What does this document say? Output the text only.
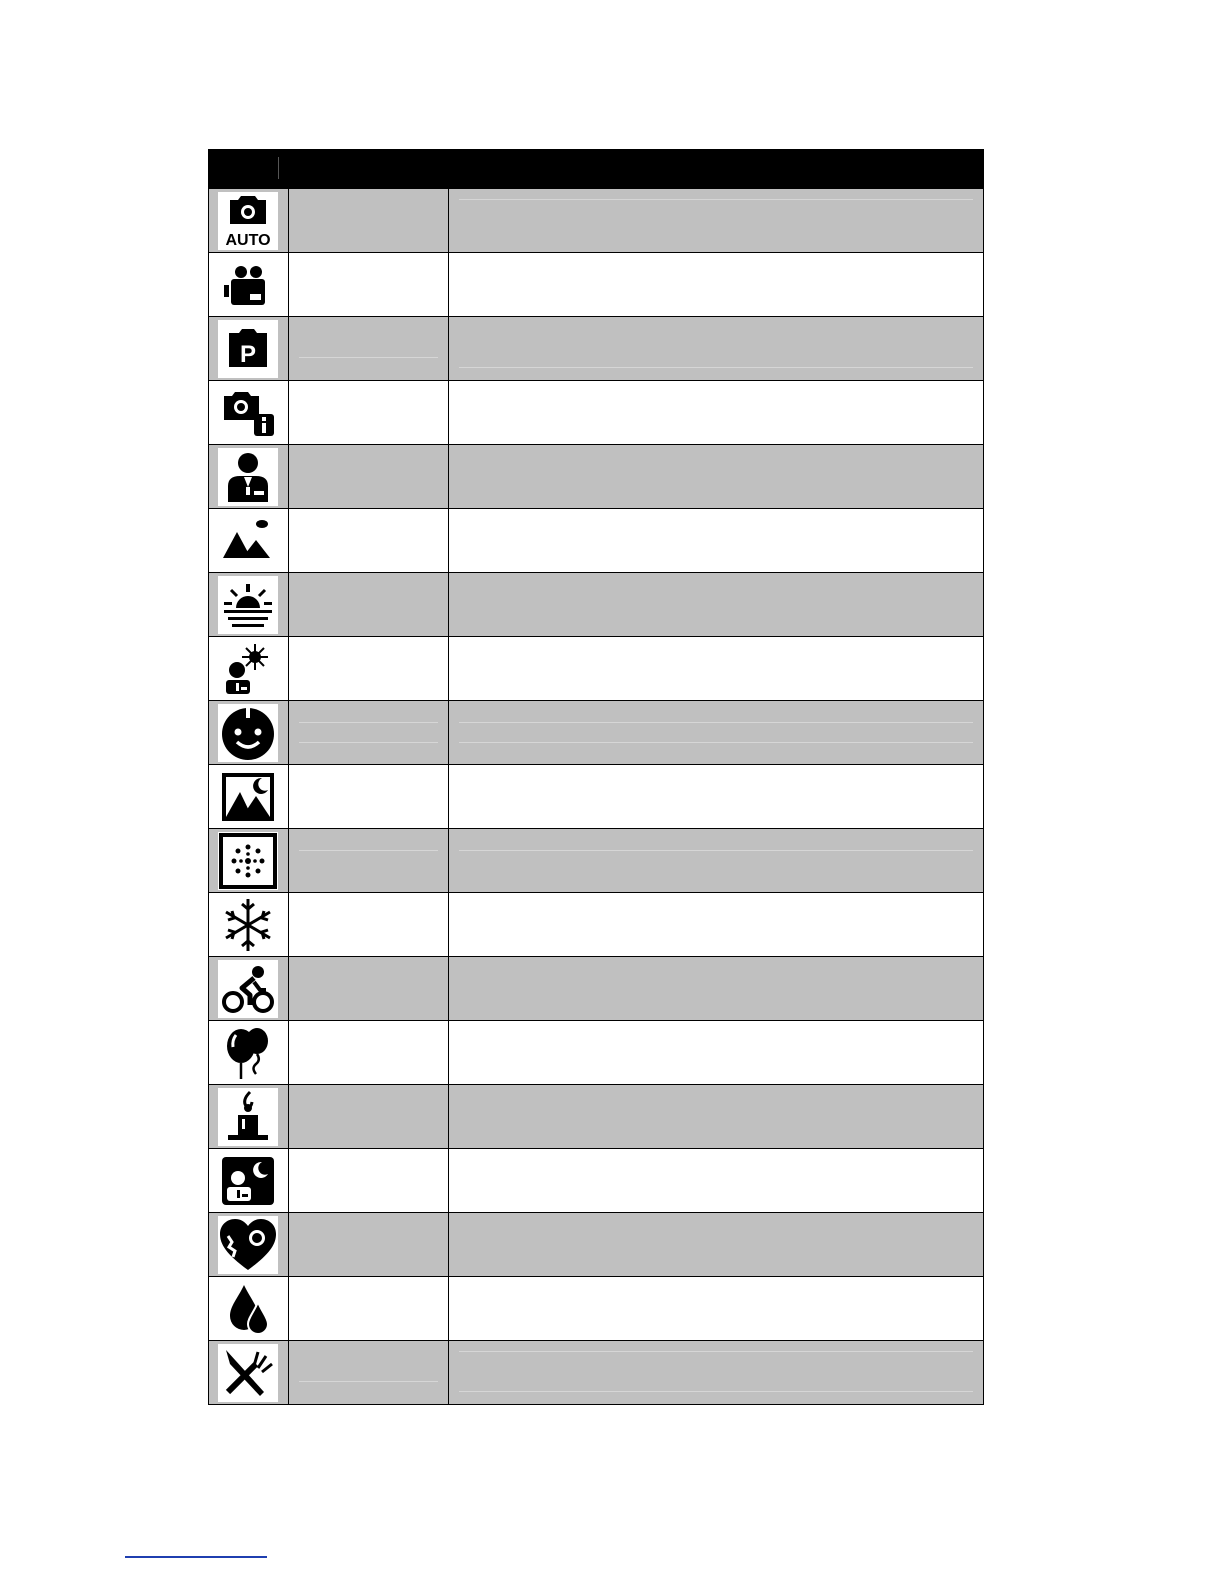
AUTO
P
